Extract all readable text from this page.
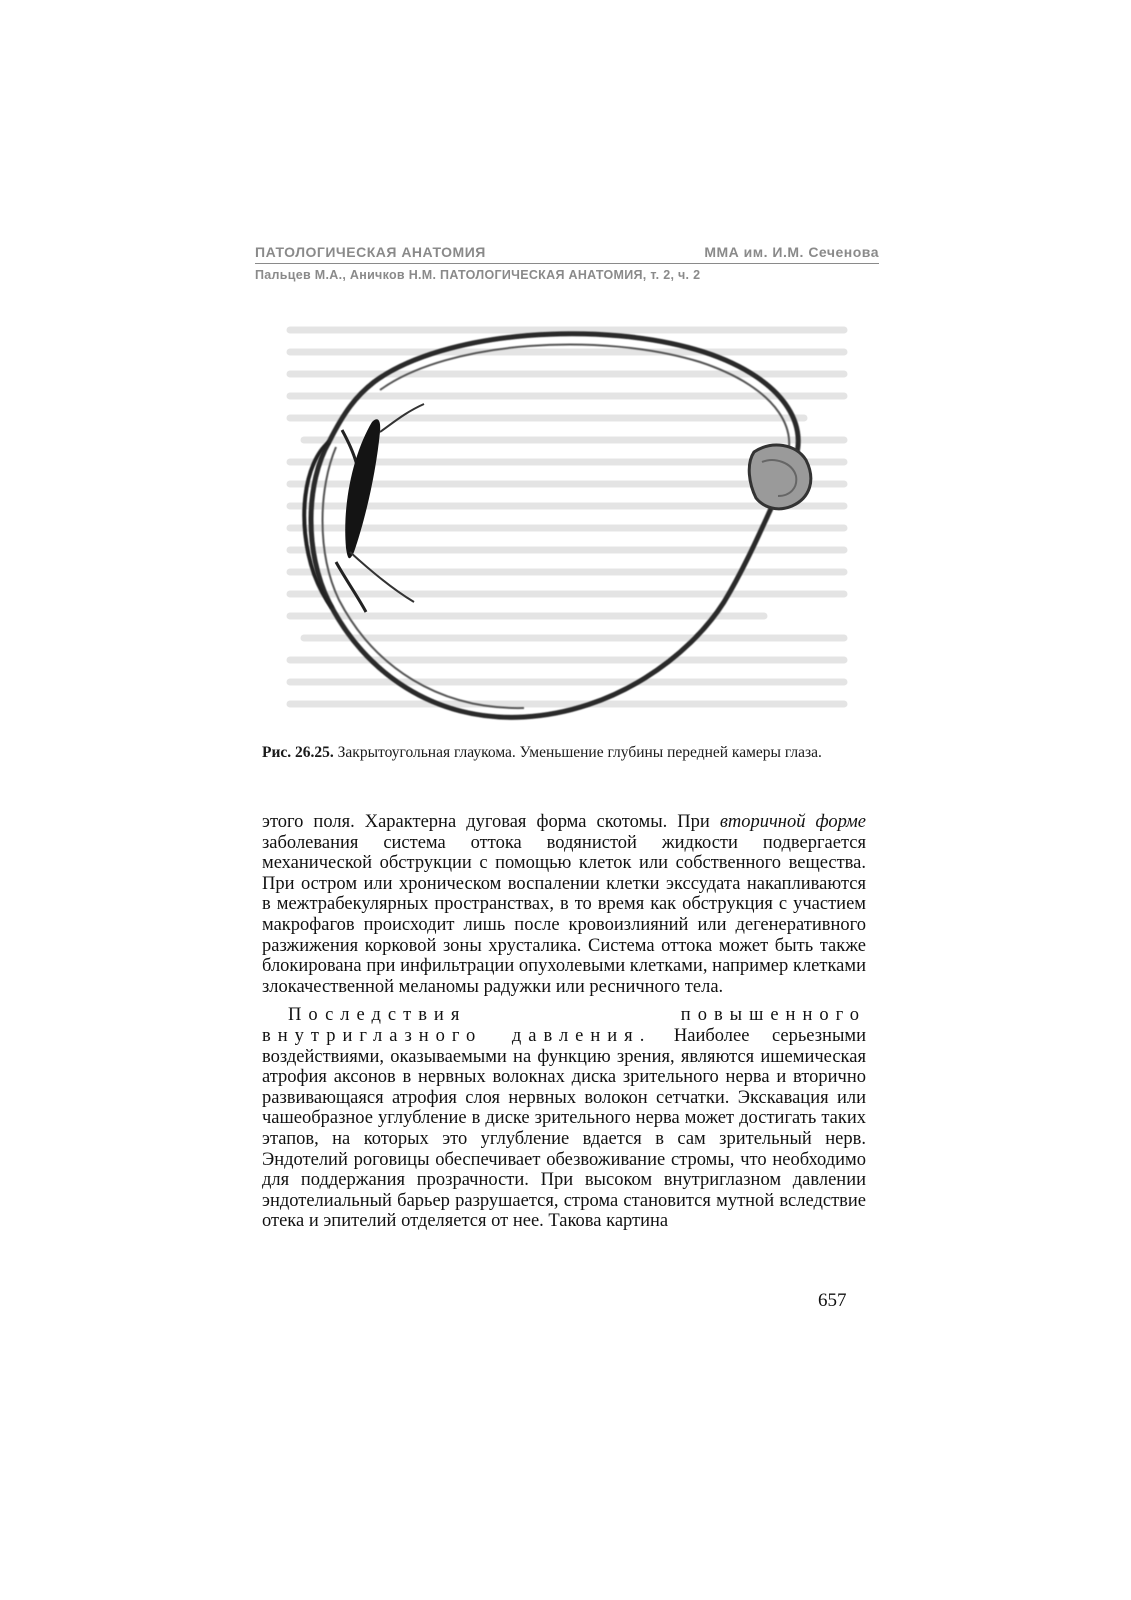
ПАТОЛОГИЧЕСКАЯ АНАТОМИЯ	ММА им. И.М. Сеченова
Пальцев М.А., Аничков Н.М. ПАТОЛОГИЧЕСКАЯ АНАТОМИЯ, т. 2, ч. 2
Рис. 26.25. Закрытоугольная глаукома. Уменьшение глубины передней камеры глаза.

этого поля. Характерна дуговая форма скотомы. При вторичной форме заболевания система оттока водянистой жидкости подвергается механической обструкции с помощью клеток или собственного вещества. При остром или хроническом воспалении клетки экссудата накапливаются в межтрабекулярных пространствах, в то время как обструкция с участием макрофагов происходит лишь после кровоизлияний или дегенеративного разжижения корковой зоны хрусталика. Система оттока может быть также блокирована при инфильтрации опухолевыми клетками, например клетками злокачественной меланомы радужки или ресничного тела.

Последствия повышенного внутриглазного давления. Наиболее серьезными воздействиями, оказываемыми на функцию зрения, являются ишемическая атрофия аксонов в нервных волокнах диска зрительного нерва и вторично развивающаяся атрофия слоя нервных волокон сетчатки. Экскавация или чашеобразное углубление в диске зрительного нерва может достигать таких этапов, на которых это углубление вдается в сам зрительный нерв. Эндотелий роговицы обеспечивает обезвоживание стромы, что необходимо для поддержания прозрачности. При высоком внутриглазном давлении эндотелиальный барьер разрушается, строма становится мутной вследствие отека и эпителий отделяется от нее. Такова картина

657
